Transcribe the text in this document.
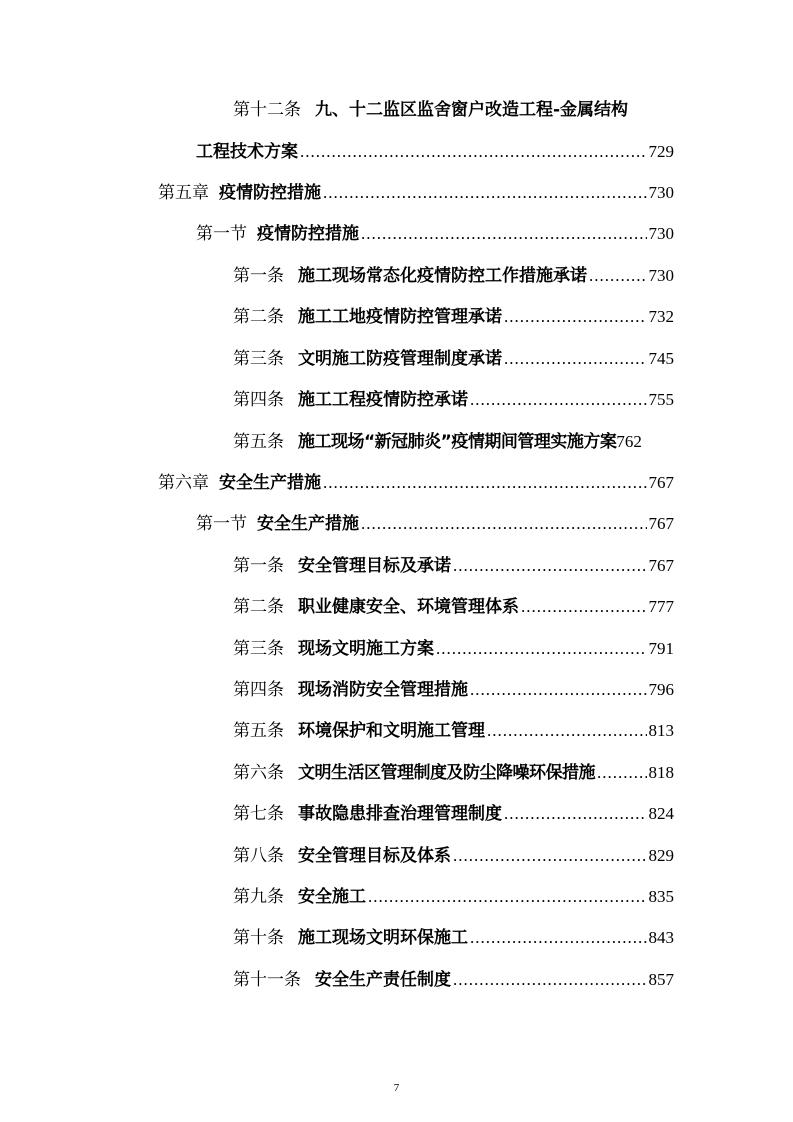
第十二条 九、十二监区监舍窗户改造工程-金属结构
工程技术方案 .....	729
第五章 疫情防控措施 .....	730
第一节 疫情防控措施 .....	730
第一条 施工现场常态化疫情防控工作措施承诺 .....	730
第二条 施工工地疫情防控管理承诺 .....	732
第三条 文明施工防疫管理制度承诺 .....	745
第四条 施工工程疫情防控承诺 .....	755
第五条 施工现场“新冠肺炎”疫情期间管理实施方案 762
第六章 安全生产措施 .....	767
第一节 安全生产措施 .....	767
第一条 安全管理目标及承诺 .....	767
第二条 职业健康安全、环境管理体系 .....	777
第三条 现场文明施工方案 .....	791
第四条 现场消防安全管理措施 .....	796
第五条 环境保护和文明施工管理 .....	813
第六条 文明生活区管理制度及防尘降噪环保措施 .....	818
第七条 事故隐患排查治理管理制度 .....	824
第八条 安全管理目标及体系 .....	829
第九条 安全施工 .....	835
第十条 施工现场文明环保施工 .....	843
第十一条 安全生产责任制度 .....	857
7
